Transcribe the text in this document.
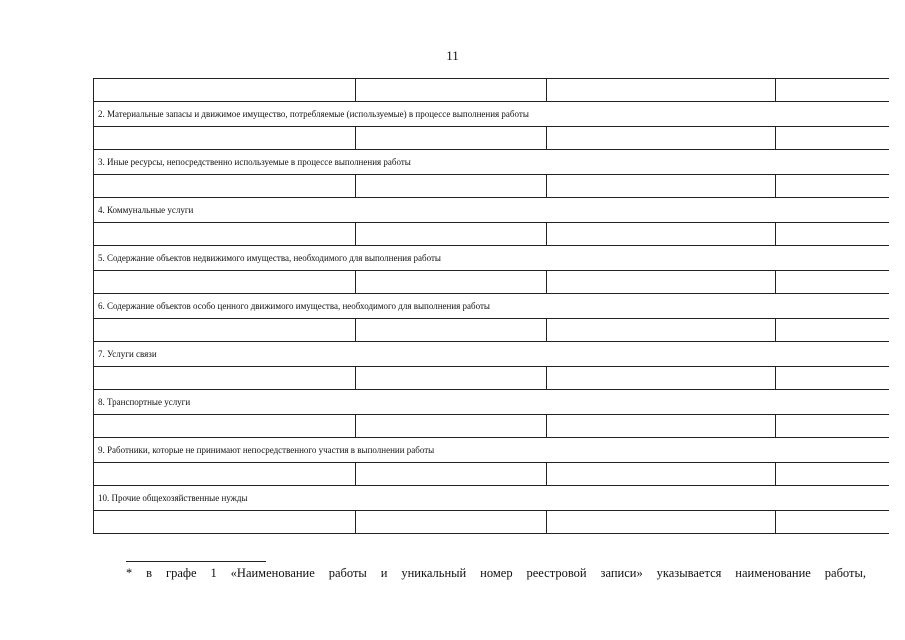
11
2. Материальные запасы и движимое имущество, потребляемые (используемые) в процессе выполнения работы
3. Иные ресурсы, непосредственно используемые в процессе выполнения работы
4. Коммунальные услуги
5. Содержание объектов недвижимого имущества, необходимого для выполнения работы
6. Содержание объектов особо ценного движимого имущества, необходимого для выполнения работы
7. Услуги связи
8. Транспортные услуги
9. Работники, которые не принимают непосредственного участия в выполнении работы
10. Прочие общехозяйственные нужды
* в графе 1 «Наименование работы и уникальный номер реестровой записи» указывается наименование работы,
